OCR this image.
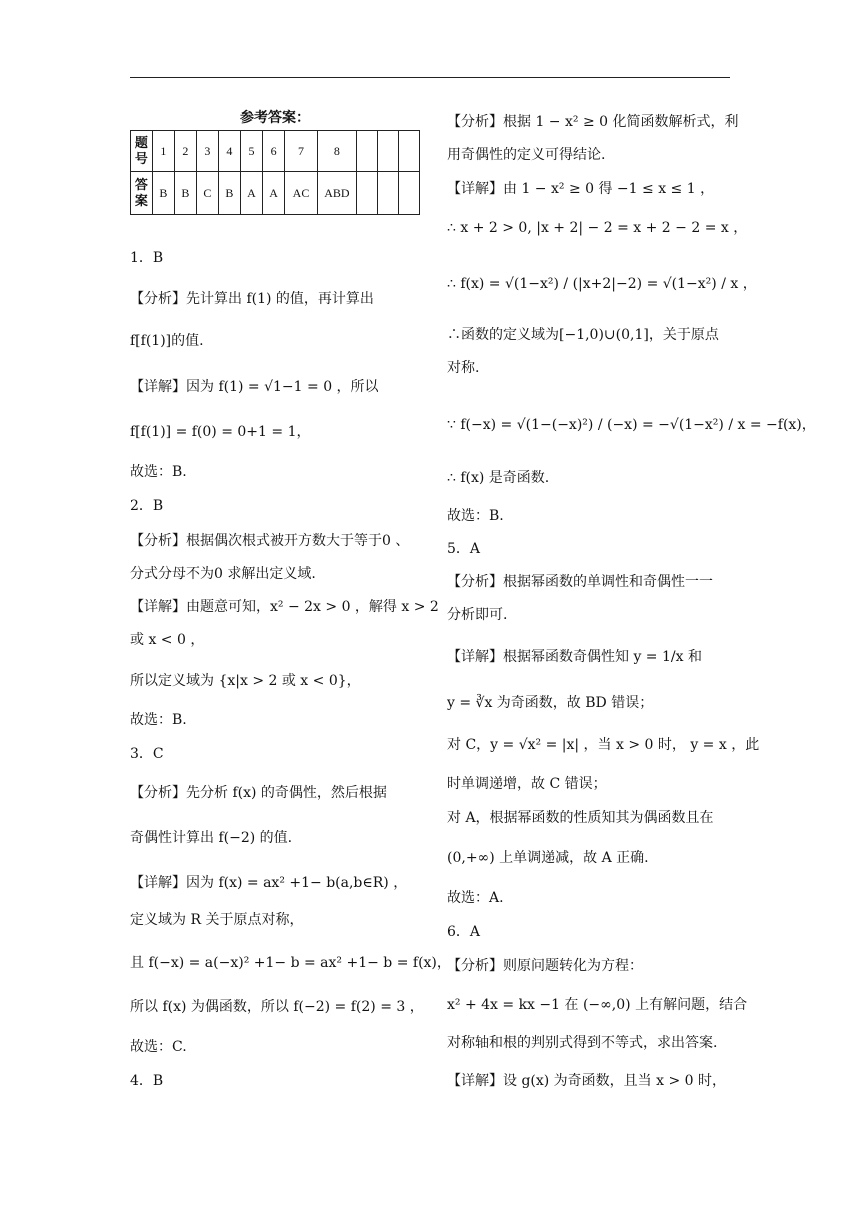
参考答案：
题
号	1	2	3	4	5	6	7	8			
答
案	B	B	C	B	A	A	AC	ABD			
1．B
【分析】先计算出 f(1) 的值，再计算出
f[f(1)]的值.
【详解】因为 f(1) = √1−1 = 0 ，所以
f[f(1)] = f(0) = 0+1 = 1，
故选：B.
2．B
【分析】根据偶次根式被开方数大于等于0 、
分式分母不为0 求解出定义域.
【详解】由题意可知，x² − 2x > 0 ，解得 x > 2
或 x < 0 ，
所以定义域为 {x|x > 2 或 x < 0}，
故选：B.
3．C
【分析】先分析 f(x) 的奇偶性，然后根据
奇偶性计算出 f(−2) 的值.
【详解】因为 f(x) = ax² +1− b(a,b∈R) ，
定义域为 R 关于原点对称，
且 f(−x) = a(−x)² +1− b = ax² +1− b = f(x)，
所以 f(x) 为偶函数，所以 f(−2) = f(2) = 3 ，
故选：C.
4．B
【分析】根据 1 − x² ≥ 0 化简函数解析式，利
用奇偶性的定义可得结论.
【详解】由 1 − x² ≥ 0 得 −1 ≤ x ≤ 1 ，
∴ x + 2 > 0, |x + 2| − 2 = x + 2 − 2 = x ，
∴ f(x) = √(1−x²) / (|x+2|−2) = √(1−x²) / x ，
∴函数的定义域为[−1,0)∪(0,1]，关于原点
对称.
∵ f(−x) = √(1−(−x)²) / (−x) = −√(1−x²) / x = −f(x)，
∴ f(x) 是奇函数.
故选：B.
5．A
【分析】根据幂函数的单调性和奇偶性一一
分析即可.
【详解】根据幂函数奇偶性知 y = 1/x 和
y = ∛x 为奇函数，故 BD 错误；
对 C，y = √x² = |x| ，当 x > 0 时， y = x ，此
时单调递增，故 C 错误；
对 A，根据幂函数的性质知其为偶函数且在
(0,+∞) 上单调递减，故 A 正确.
故选：A.
6．A
【分析】则原问题转化为方程：
x² + 4x = kx −1 在 (−∞,0) 上有解问题，结合
对称轴和根的判别式得到不等式，求出答案.
【详解】设 g(x) 为奇函数，且当 x > 0 时，
